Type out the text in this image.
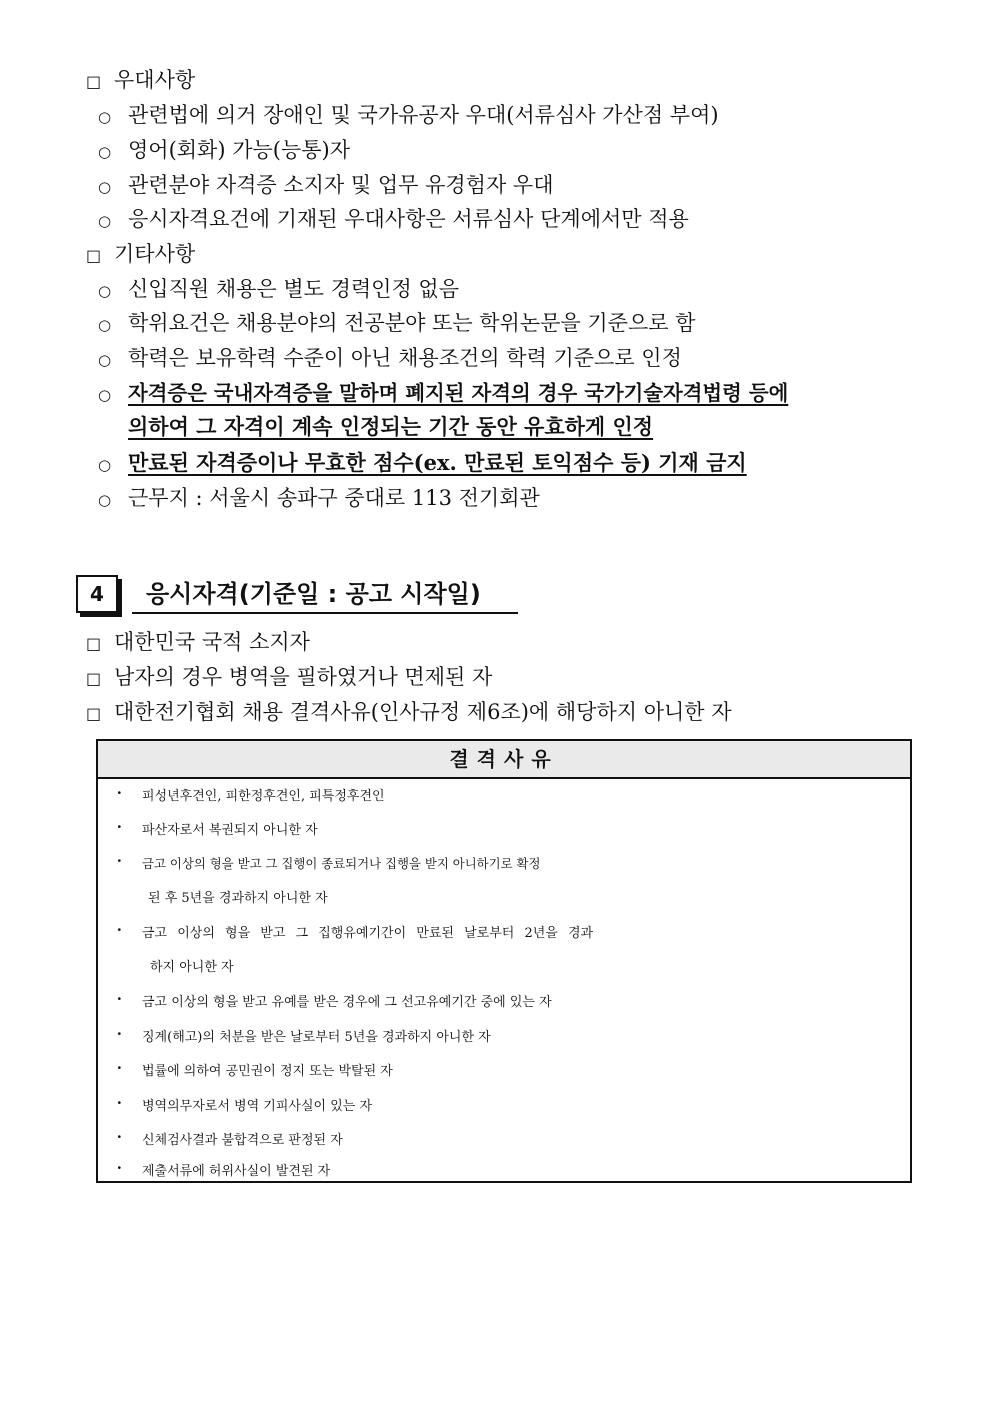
□ 우대사항
○ 관련법에 의거 장애인 및 국가유공자 우대(서류심사 가산점 부여)
○ 영어(회화) 가능(능통)자
○ 관련분야 자격증 소지자 및 업무 유경험자 우대
○ 응시자격요건에 기재된 우대사항은 서류심사 단계에서만 적용
□ 기타사항
○ 신입직원 채용은 별도 경력인정 없음
○ 학위요건은 채용분야의 전공분야 또는 학위논문을 기준으로 함
○ 학력은 보유학력 수준이 아닌 채용조건의 학력 기준으로 인정
○ 자격증은 국내자격증을 말하며 폐지된 자격의 경우 국가기술자격법령 등에
의하여 그 자격이 계속 인정되는 기간 동안 유효하게 인정
○ 만료된 자격증이나 무효한 점수(ex. 만료된 토익점수 등) 기재 금지
○ 근무지 : 서울시 송파구 중대로 113 전기회관
4	응시자격(기준일 : 공고 시작일)
□ 대한민국 국적 소지자
□ 남자의 경우 병역을 필하였거나 면제된 자
□ 대한전기협회 채용 결격사유(인사규정 제6조)에 해당하지 아니한 자
결격사유
· 피성년후견인, 피한정후견인, 피특정후견인
· 파산자로서 복권되지 아니한 자
· 금고 이상의 형을 받고 그 집행이 종료되거나 집행을 받지 아니하기로 확정
된 후 5년을 경과하지 아니한 자
· 금고 이상의 형을 받고 그 집행유예기간이 만료된 날로부터 2년을 경과
하지 아니한 자
· 금고 이상의 형을 받고 유예를 받은 경우에 그 선고유예기간 중에 있는 자
· 징계(해고)의 처분을 받은 날로부터 5년을 경과하지 아니한 자
· 법률에 의하여 공민권이 정지 또는 박탈된 자
· 병역의무자로서 병역 기피사실이 있는 자
· 신체검사결과 불합격으로 판정된 자
· 제출서류에 허위사실이 발견된 자
